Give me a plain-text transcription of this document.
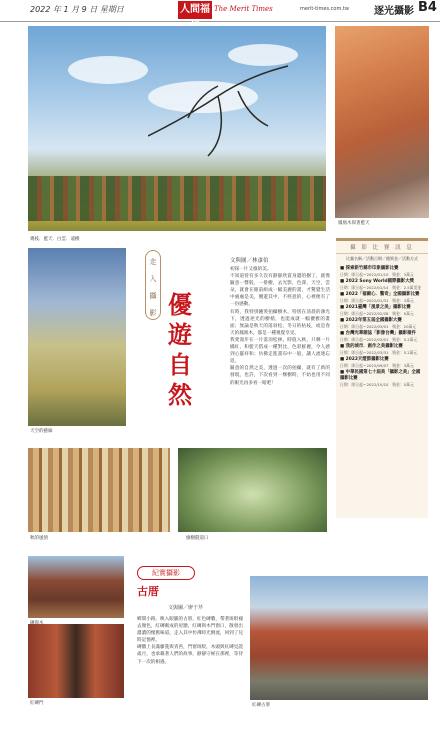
2022 年 1 月 9 日 星期日	人間福 The Merit Times	merit-times.com.tw	逐光攝影 B4
幾枝．藍天．白雲．遠樹
鳳凰木與著藍天
走
入
攝
影 優遊自然
文與圖／林彥伯

初探一片又綠的美。

不知道曾有多久沒有靜靜欣賞身邊的樹了，就像隨意一瞥般，一排樹，去光影，色澤，天空，雲朵，就會在眼前組成一幅美麗的畫，才驚覺生活中處處是美，優遊其中，不經意的，心裡便有了一份感動。

有時，我特別鍾愛拍攝樹木，特別在清晨的薄光下，透過逆光的樹梢，也能成就一幅優雅的畫面；無論是秋天的落羽松、冬日的枯枝，或是春天的鳳凰木，都是一種視覺享受。

我愛漫步在一片落羽松林，時值入秋，只剩一片橘紅，和藍天搭成一種對比，色彩鮮麗，令人感到心靈祥和；仿佛走進畫布中一般，讓人流連忘返。

隨意的自然之美，透過一次的拍攝，就有了新的發現，也許，下次看到一棵樹時，不妨也用不同的眼光再多看一眼吧！

天空的藝廊
秋的風情	綠樹隧道口
攝 影 比 賽 訊 息
比賽名稱／活動日期／總獎金／活動方式
■ 探索新竹縣市印象攝影比賽
日期：即日起～2022/01/10　獎金：3萬元
■ 2022 Sony World國際攝影大獎
日期：即日起～2022/01/14　獎金：2.5萬美金
■ 2022「福爾心．驚奇」全國攝影比賽
日期：即日起～2022/01/31　獎金：3萬元
■ 2021臺灣「風景之美」攝影比賽
日期：即日起～2022/02/28　獎金：5萬元
■ 2022年第五屆全國攝影大賽
日期：即日起～2022/03/01　獎金：20萬元
■ 台灣光華雜誌「影像台灣」攝影徵件
日期：即日起～2022/03/01　獎金：5.2萬元
■ 我的城市．創作之美攝影比賽
日期：即日起～2022/03/31　獎金：5.2萬元
■ 2022天燈節攝影比賽
日期：即日起～2022/09/07　獎金：3萬元
■ 中華民國第七十屆美「攝影之美」全國攝影比賽
日期：即日起～2022/10/10　獎金：5萬元
紅磚門
紀實攝影
古厝
文與圖／廖于芹

鄉間小路，映入眼簾的古厝，紅色磚牆，帶著斑駁褪去顏色，紅磚砌成的屋牆，紅磚與木門窗口，散發出濃濃的懷舊味道，走入其中彷彿時光倒流，回到了兒時記憶裡。

磚牆上長滿藤蔓與青苔，門窗斑駁，木頭與紅磚見證歲月，也承載著人們的故事，靜靜守候在那裡，等待下一次的相遇。

紅磚古厝
